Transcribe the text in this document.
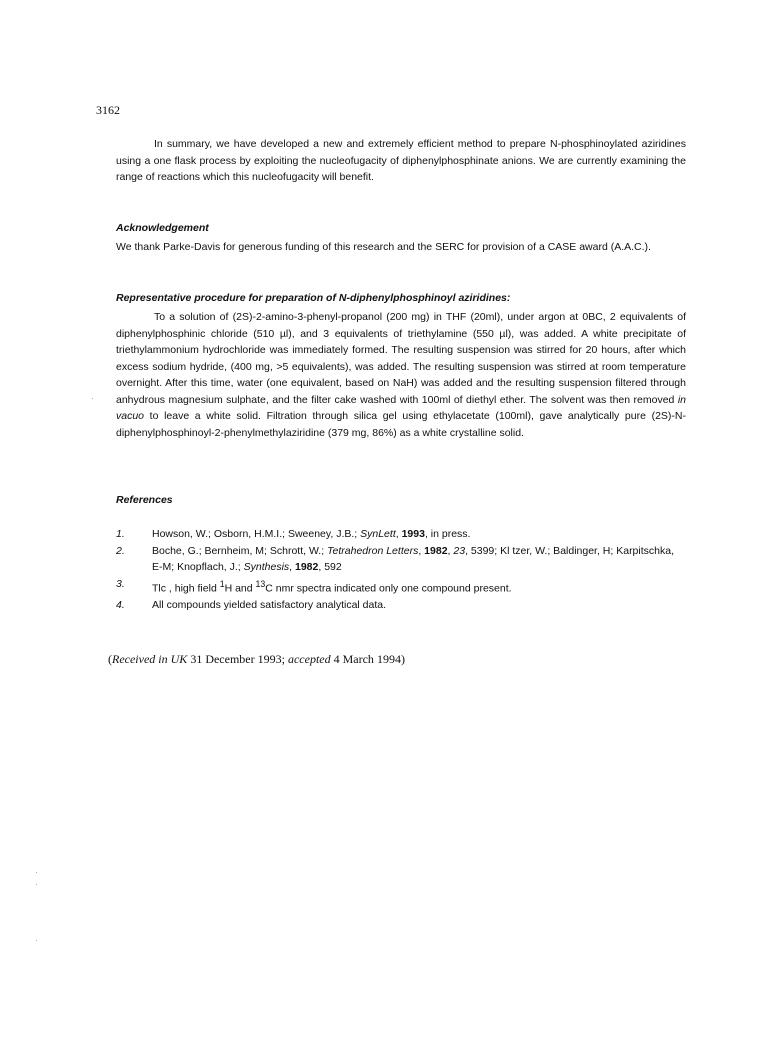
3162

In summary, we have developed a new and extremely efficient method to prepare N-phosphinoylated aziridines using a one flask process by exploiting the nucleofugacity of diphenylphosphinate anions. We are currently examining the range of reactions which this nucleofugacity will benefit.

Acknowledgement

We thank Parke-Davis for generous funding of this research and the SERC for provision of a CASE award (A.A.C.).

Representative procedure for preparation of N-diphenylphosphinoyl aziridines:

To a solution of (2S)-2-amino-3-phenyl-propanol (200 mg) in THF (20ml), under argon at 0BC, 2 equivalents of diphenylphosphinic chloride (510 µl), and 3 equivalents of triethylamine (550 µl), was added. A white precipitate of triethylammonium hydrochloride was immediately formed. The resulting suspension was stirred for 20 hours, after which excess sodium hydride, (400 mg, >5 equivalents), was added. The resulting suspension was stirred at room temperature overnight. After this time, water (one equivalent, based on NaH) was added and the resulting suspension filtered through anhydrous magnesium sulphate, and the filter cake washed with 100ml of diethyl ether. The solvent was then removed in vacuo to leave a white solid. Filtration through silica gel using ethylacetate (100ml), gave analytically pure (2S)-N-diphenylphosphinoyl-2-phenylmethylaziridine (379 mg, 86%) as a white crystalline solid.

References
1.	Howson, W.; Osborn, H.M.I.; Sweeney, J.B.; SynLett, 1993, in press.
2.	Boche, G.; Bernheim, M; Schrott, W.; Tetrahedron Letters, 1982, 23, 5399; Kl tzer, W.; Baldinger, H; Karpitschka, E-M; Knopflach, J.; Synthesis, 1982, 592
3.	Tlc , high field $^1$H and $^{13}$C nmr spectra indicated only one compound present.
4.	All compounds yielded satisfactory analytical data.
(Received in UK 31 December 1993; accepted 4 March 1994)
